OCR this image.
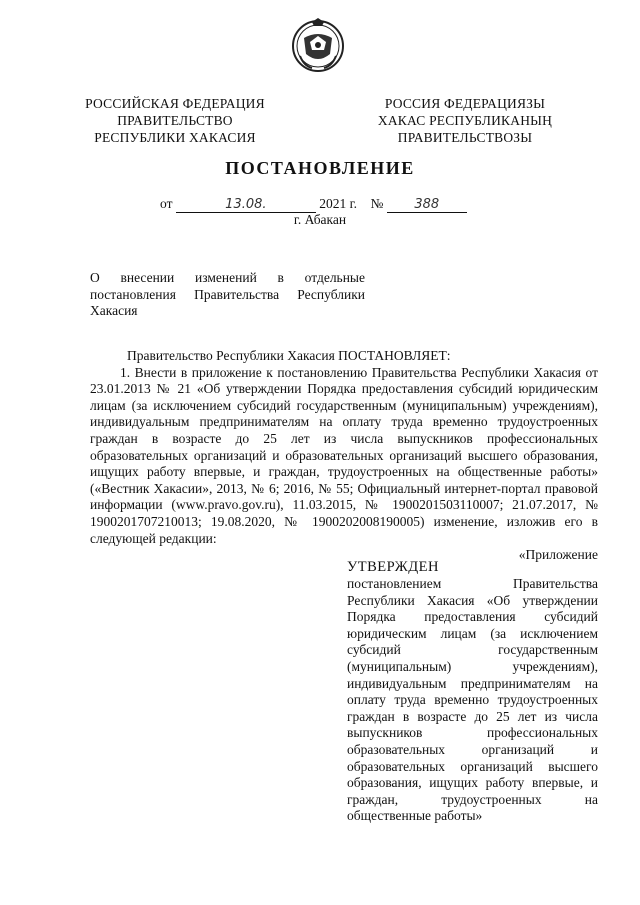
РОССИЙСКАЯ ФЕДЕРАЦИЯ
ПРАВИТЕЛЬСТВО
РЕСПУБЛИКИ ХАКАСИЯ
РОССИЯ ФЕДЕРАЦИЯЗЫ
ХАКАС РЕСПУБЛИКАНЫҢ
ПРАВИТЕЛЬСТВОЗЫ
ПОСТАНОВЛЕНИЕ
от	13.08.	2021 г. № 388
г. Абакан
О внесении изменений в отдельные постановления Правительства Республики Хакасия

Правительство Республики Хакасия ПОСТАНОВЛЯЕТ:

1. Внести в приложение к постановлению Правительства Республики Хакасия от 23.01.2013 № 21 «Об утверждении Порядка предоставления субсидий юридическим лицам (за исключением субсидий государственным (муниципальным) учреждениям), индивидуальным предпринимателям на оплату труда временно трудоустроенных граждан в возрасте до 25 лет из числа выпускников профессиональных образовательных организаций и образовательных организаций высшего образования, ищущих работу впервые, и граждан, трудоустроенных на общественные работы» («Вестник Хакасии», 2013, № 6; 2016, № 55; Официальный интернет-портал правовой информации (www.pravo.gov.ru), 11.03.2015, № 1900201503110007; 21.07.2017, № 1900201707210013; 19.08.2020, № 1900202008190005) изменение, изложив его в следующей редакции:

«Приложение

УТВЕРЖДЕН

постановлением Правительства Республики Хакасия «Об утверждении Порядка предоставления субсидий юридическим лицам (за исключением субсидий государственным (муниципальным) учреждениям), индивидуальным предпринимателям на оплату труда временно трудоустроенных граждан в возрасте до 25 лет из числа выпускников профессиональных образовательных организаций и образовательных организаций высшего образования, ищущих работу впервые, и граждан, трудоустроенных на общественные работы»
